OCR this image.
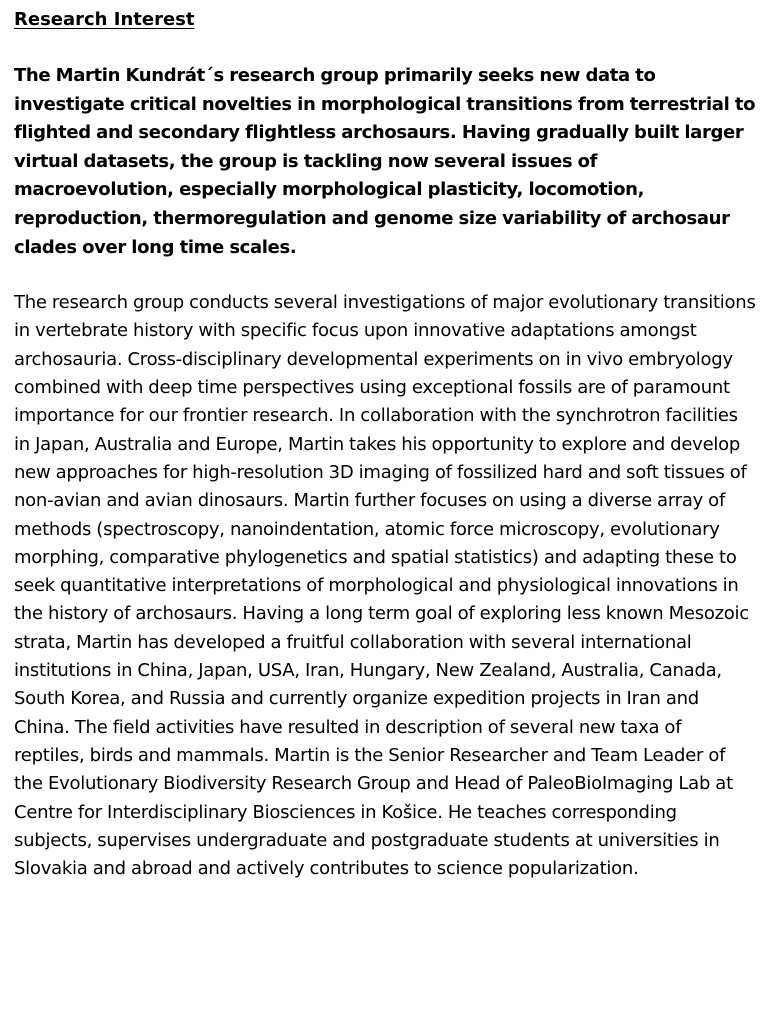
Research Interest

The Martin Kundrát´s research group primarily seeks new data to investigate critical novelties in morphological transitions from terrestrial to flighted and secondary flightless archosaurs. Having gradually built larger virtual datasets, the group is tackling now several issues of macroevolution, especially morphological plasticity, locomotion, reproduction, thermoregulation and genome size variability of archosaur clades over long time scales.

The research group conducts several investigations of major evolutionary transitions in vertebrate history with specific focus upon innovative adaptations amongst archosauria. Cross-disciplinary developmental experiments on in vivo embryology combined with deep time perspectives using exceptional fossils are of paramount importance for our frontier research. In collaboration with the synchrotron facilities in Japan, Australia and Europe, Martin takes his opportunity to explore and develop new approaches for high-resolution 3D imaging of fossilized hard and soft tissues of non-avian and avian dinosaurs. Martin further focuses on using a diverse array of methods (spectroscopy, nanoindentation, atomic force microscopy, evolutionary morphing, comparative phylogenetics and spatial statistics) and adapting these to seek quantitative interpretations of morphological and physiological innovations in the history of archosaurs. Having a long term goal of exploring less known Mesozoic strata, Martin has developed a fruitful collaboration with several international institutions in China, Japan, USA, Iran, Hungary, New Zealand, Australia, Canada, South Korea, and Russia and currently organize expedition projects in Iran and China. The field activities have resulted in description of several new taxa of reptiles, birds and mammals. Martin is the Senior Researcher and Team Leader of the Evolutionary Biodiversity Research Group and Head of PaleoBioImaging Lab at Centre for Interdisciplinary Biosciences in Košice. He teaches corresponding subjects, supervises undergraduate and postgraduate students at universities in Slovakia and abroad and actively contributes to science popularization.
